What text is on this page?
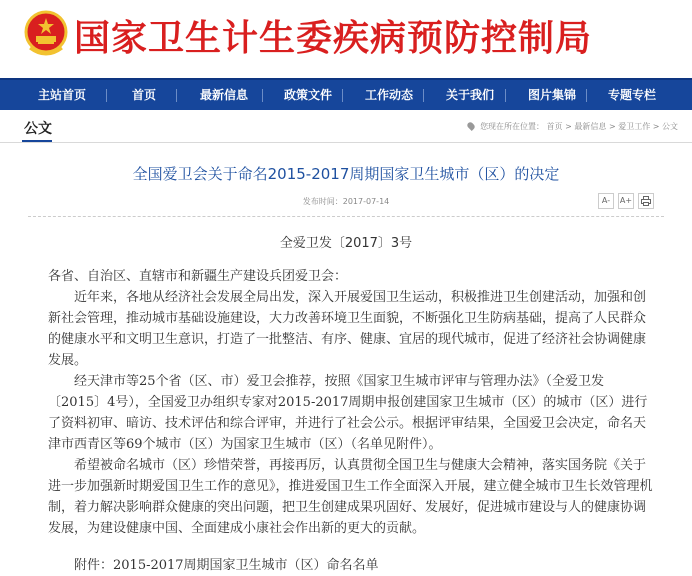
国家卫生计生委疾病预防控制局
主站首页	首页	最新信息	政策文件	工作动态	关于我们	图片集锦	专题专栏
公文	您现在所在位置： 首页 > 最新信息 > 爱卫工作 > 公文
全国爱卫会关于命名2015-2017周期国家卫生城市（区）的决定
发布时间：2017-07-14	A- A+
全爱卫发〔2017〕3号

各省、自治区、直辖市和新疆生产建设兵团爱卫会：

近年来，各地从经济社会发展全局出发，深入开展爱国卫生运动，积极推进卫生创建活动，加强和创新社会管理，推动城市基础设施建设，大力改善环境卫生面貌，不断强化卫生防病基础，提高了人民群众的健康水平和文明卫生意识，打造了一批整洁、有序、健康、宜居的现代城市，促进了经济社会协调健康发展。

经天津市等25个省（区、市）爱卫会推荐，按照《国家卫生城市评审与管理办法》（全爱卫发〔2015〕4号），全国爱卫办组织专家对2015-2017周期申报创建国家卫生城市（区）的城市（区）进行了资料初审、暗访、技术评估和综合评审，并进行了社会公示。根据评审结果，全国爱卫会决定，命名天津市西青区等69个城市（区）为国家卫生城市（区）（名单见附件）。

希望被命名城市（区）珍惜荣誉，再接再厉，认真贯彻全国卫生与健康大会精神，落实国务院《关于进一步加强新时期爱国卫生工作的意见》，推进爱国卫生工作全面深入开展，建立健全城市卫生长效管理机制，着力解决影响群众健康的突出问题，把卫生创建成果巩固好、发展好，促进城市建设与人的健康协调发展，为建设健康中国、全面建成小康社会作出新的更大的贡献。

附件：2015-2017周期国家卫生城市（区）命名名单
